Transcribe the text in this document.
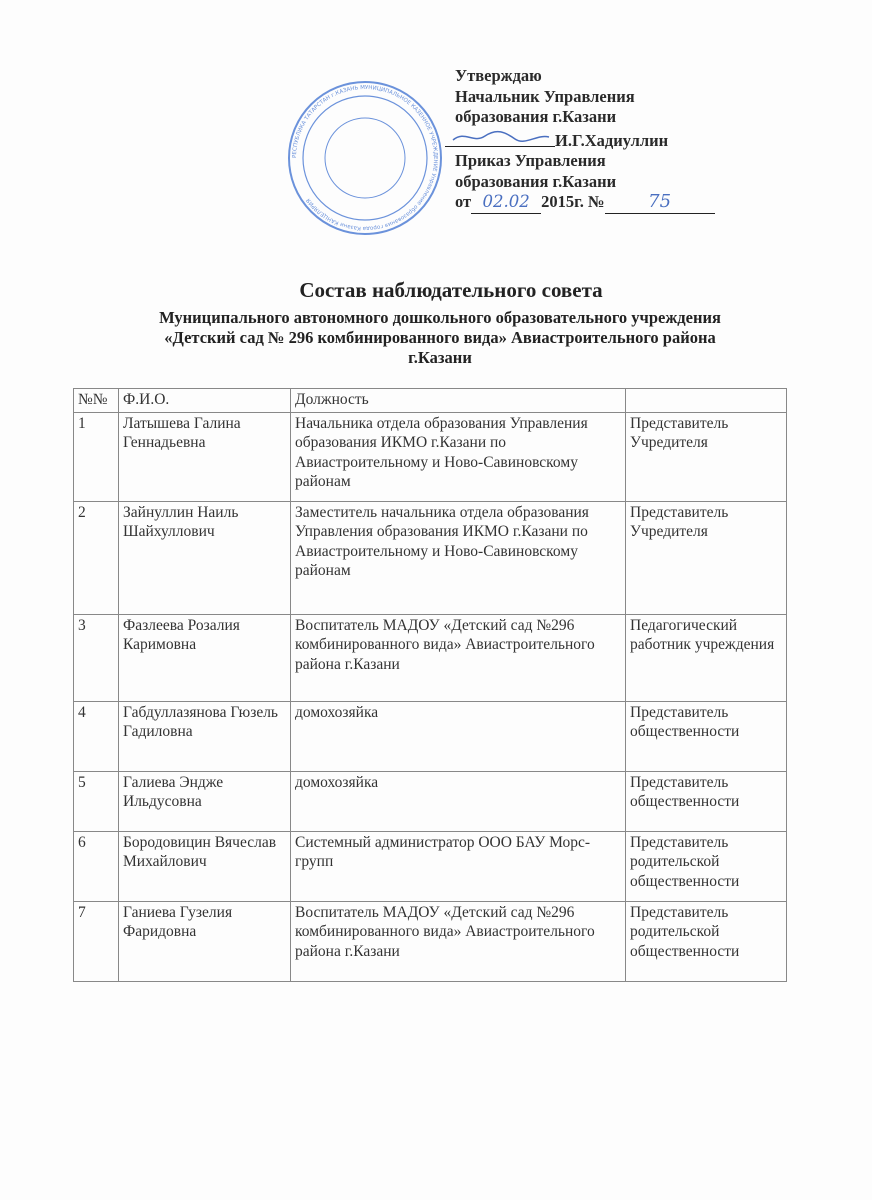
РЕСПУБЛИКА ТАТАРСТАН г.КАЗАНЬ МУНИЦИПАЛЬНОЕ КАЗЕННОЕ УЧРЕЖДЕНИЕ Управление образования города Казани КАНЦЕЛЯРИЯ
Утверждаю
Начальник Управления
образования г.Казани
И.Г.Хадиуллин
Приказ Управления
образования г.Казани
от 02.02 2015г. № 75
Состав наблюдательного совета
Муниципального автономного дошкольного образовательного учреждения
«Детский сад № 296 комбинированного вида» Авиастроительного района
г.Казани
№№	Ф.И.О.	Должность	
1	Латышева Галина Геннадьевна	Начальника отдела образования Управления образования ИКМО г.Казани по Авиастроительному и Ново-Савиновскому районам	Представитель Учредителя
2	Зайнуллин Наиль Шайхуллович	Заместитель начальника отдела образования Управления образования ИКМО г.Казани по Авиастроительному и Ново-Савиновскому районам	Представитель Учредителя
3	Фазлеева Розалия Каримовна	Воспитатель МАДОУ «Детский сад №296 комбинированного вида» Авиастроительного района г.Казани	Педагогический работник учреждения
4	Габдуллазянова Гюзель Гадиловна	домохозяйка	Представитель общественности
5	Галиева Эндже Ильдусовна	домохозяйка	Представитель общественности
6	Бородовицин Вячеслав Михайлович	Системный администратор ООО БАУ Морс-групп	Представитель родительской общественности
7	Ганиева Гузелия Фаридовна	Воспитатель МАДОУ «Детский сад №296 комбинированного вида» Авиастроительного района г.Казани	Представитель родительской общественности
